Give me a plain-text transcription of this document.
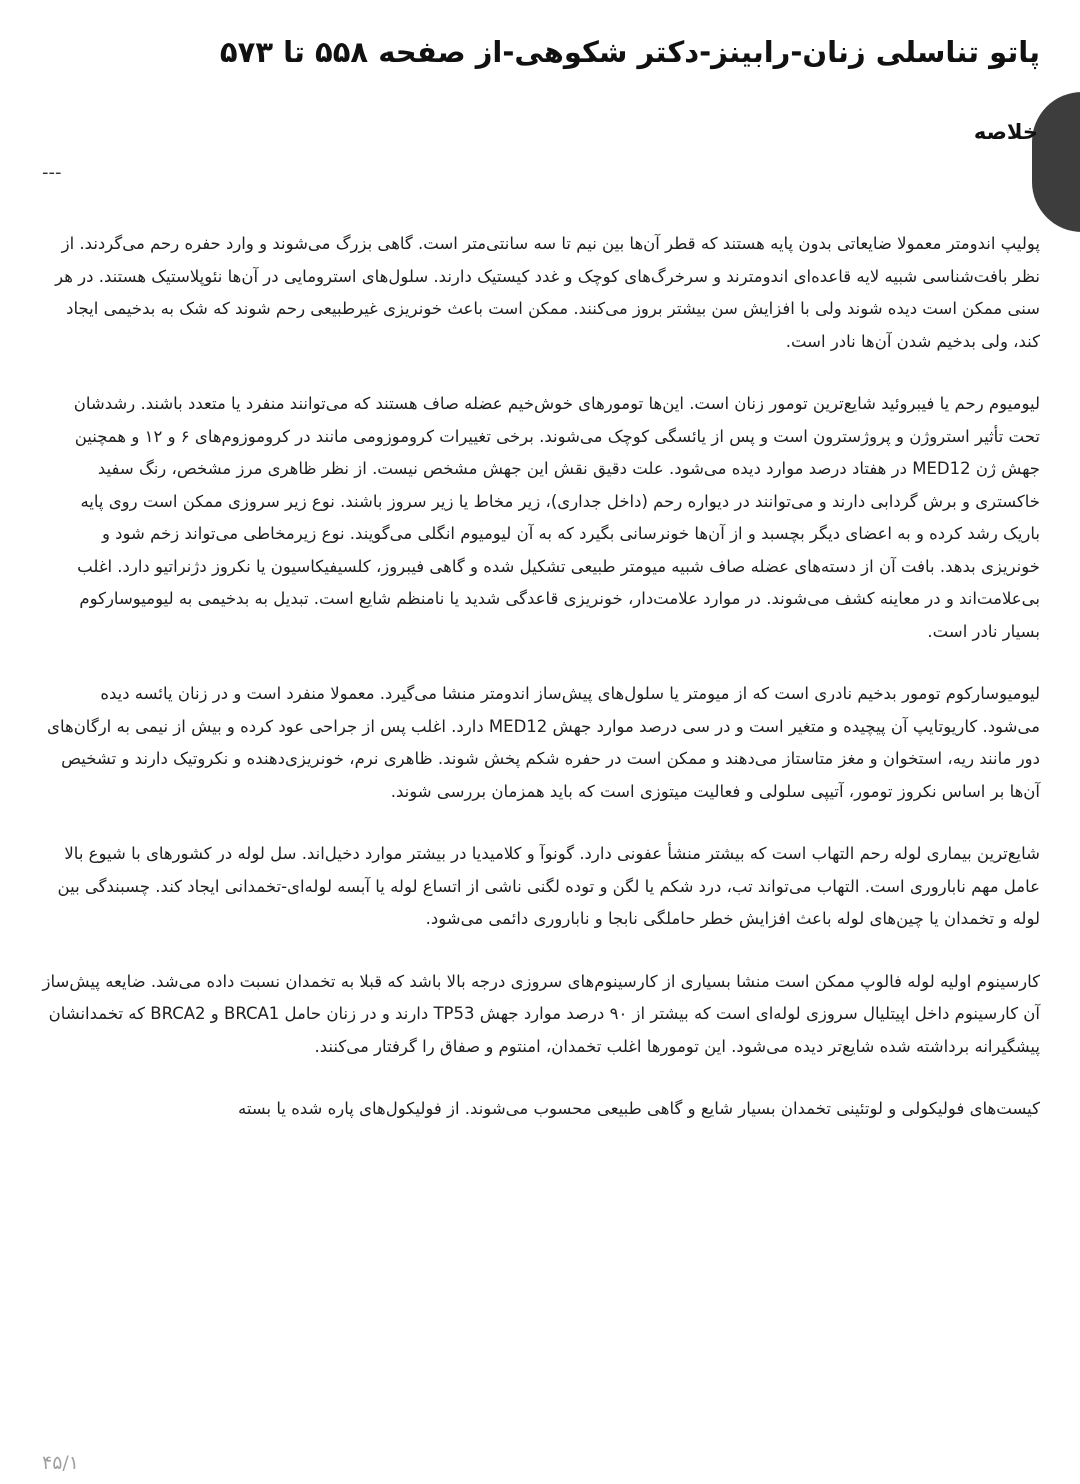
پاتو تناسلی زنان-رابینز-دکتر شکوهی-از صفحه ۵۵۸ تا ۵۷۳
خلاصه
---

پولیپ اندومتر معمولا ضایعاتی بدون پایه هستند که قطر آن‌ها بین نیم تا سه سانتی‌متر است. گاهی بزرگ می‌شوند و وارد حفره رحم می‌گردند. از نظر بافت‌شناسی شبیه لایه قاعده‌ای اندومترند و سرخرگ‌های کوچک و غدد کیستیک دارند. سلول‌های استرومایی در آن‌ها نئوپلاستیک هستند. در هر سنی ممکن است دیده شوند ولی با افزایش سن بیشتر بروز می‌کنند. ممکن است باعث خونریزی غیرطبیعی رحم شوند که شک به بدخیمی ایجاد کند، ولی بدخیم شدن آن‌ها نادر است.

لیومیوم رحم یا فیبروئید شایع‌ترین تومور زنان است. این‌ها تومورهای خوش‌خیم عضله صاف هستند که می‌توانند منفرد یا متعدد باشند. رشدشان تحت تأثیر استروژن و پروژسترون است و پس از یائسگی کوچک می‌شوند. برخی تغییرات کروموزومی مانند در کروموزوم‌های ۶ و ۱۲ و همچنین جهش ژن MED12 در هفتاد درصد موارد دیده می‌شود. علت دقیق نقش این جهش مشخص نیست. از نظر ظاهری مرز مشخص، رنگ سفید خاکستری و برش گردابی دارند و می‌توانند در دیواره رحم (داخل جداری)، زیر مخاط یا زیر سروز باشند. نوع زیر سروزی ممکن است روی پایه باریک رشد کرده و به اعضای دیگر بچسبد و از آن‌ها خونرسانی بگیرد که به آن لیومیوم انگلی می‌گویند. نوع زیرمخاطی می‌تواند زخم شود و خونریزی بدهد. بافت آن از دسته‌های عضله صاف شبیه میومتر طبیعی تشکیل شده و گاهی فیبروز، کلسیفیکاسیون یا نکروز دژنراتیو دارد. اغلب بی‌علامت‌اند و در معاینه کشف می‌شوند. در موارد علامت‌دار، خونریزی قاعدگی شدید یا نامنظم شایع است. تبدیل به بدخیمی به لیومیوسارکوم بسیار نادر است.

لیومیوسارکوم تومور بدخیم نادری است که از میومتر یا سلول‌های پیش‌ساز اندومتر منشا می‌گیرد. معمولا منفرد است و در زنان یائسه دیده می‌شود. کاریوتایپ آن پیچیده و متغیر است و در سی درصد موارد جهش MED12 دارد. اغلب پس از جراحی عود کرده و بیش از نیمی به ارگان‌های دور مانند ریه، استخوان و مغز متاستاز می‌دهند و ممکن است در حفره شکم پخش شوند. ظاهری نرم، خونریزی‌دهنده و نکروتیک دارند و تشخیص آن‌ها بر اساس نکروز تومور، آتیپی سلولی و فعالیت میتوزی است که باید همزمان بررسی شوند.

شایع‌ترین بیماری لوله رحم التهاب است که بیشتر منشأ عفونی دارد. گونوآ و کلامیدیا در بیشتر موارد دخیل‌اند. سل لوله در کشورهای با شیوع بالا عامل مهم ناباروری است. التهاب می‌تواند تب، درد شکم یا لگن و توده لگنی ناشی از اتساع لوله یا آبسه لوله‌ای-تخمدانی ایجاد کند. چسبندگی بین لوله و تخمدان یا چین‌های لوله باعث افزایش خطر حاملگی نابجا و ناباروری دائمی می‌شود.

کارسینوم اولیه لوله فالوپ ممکن است منشا بسیاری از کارسینوم‌های سروزی درجه بالا باشد که قبلا به تخمدان نسبت داده می‌شد. ضایعه پیش‌ساز آن کارسینوم داخل اپیتلیال سروزی لوله‌ای است که بیشتر از ۹۰ درصد موارد جهش TP53 دارند و در زنان حامل BRCA1 و BRCA2 که تخمدانشان پیشگیرانه برداشته شده شایع‌تر دیده می‌شود. این تومورها اغلب تخمدان، امنتوم و صفاق را گرفتار می‌کنند.

کیست‌های فولیکولی و لوتئینی تخمدان بسیار شایع و گاهی طبیعی محسوب می‌شوند. از فولیکول‌های پاره شده یا بسته

۴۵/۱
